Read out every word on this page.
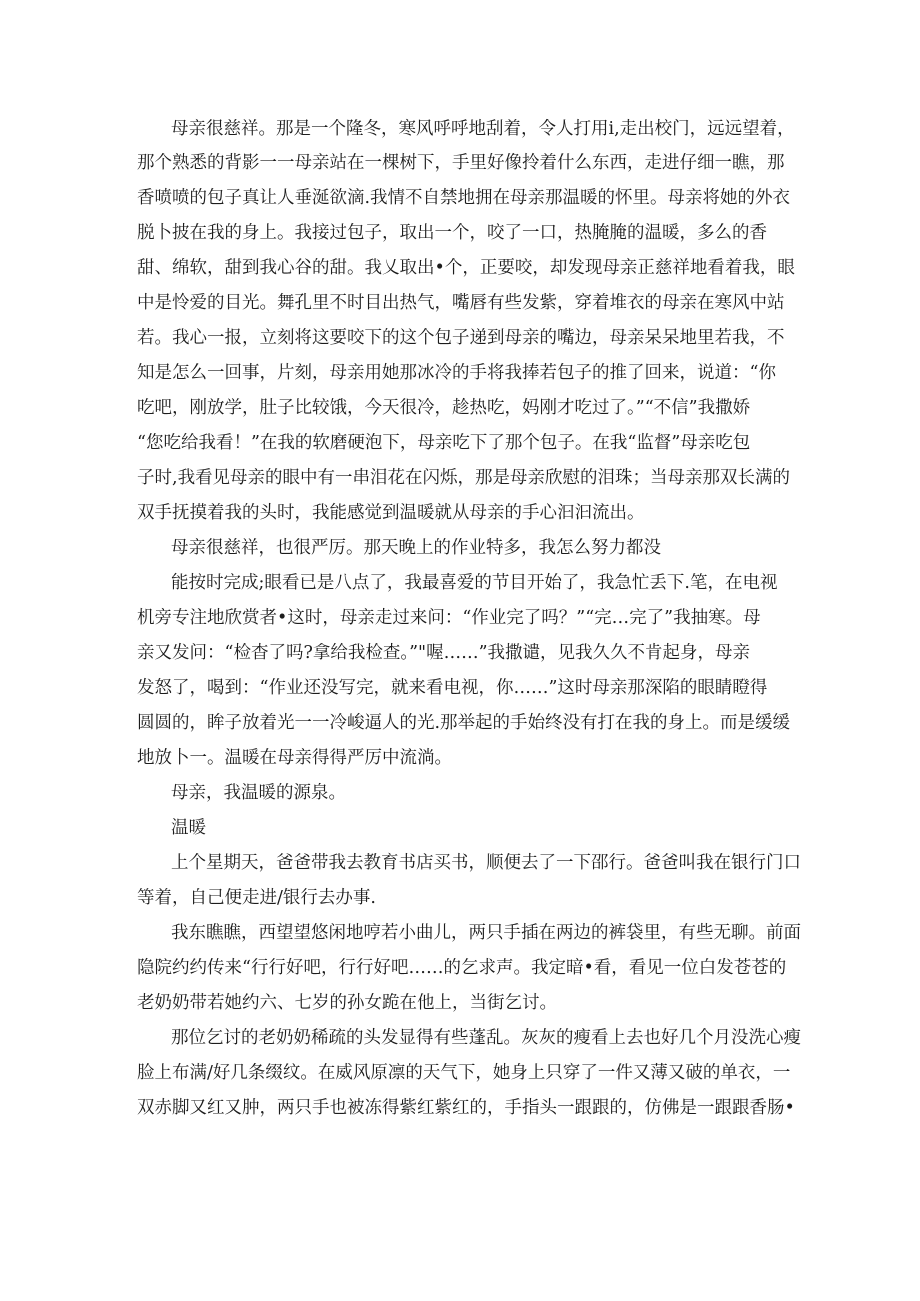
母亲很慈祥。那是一个隆冬，寒风呼呼地刮着，令人打用i,走出校门，远远望着，

那个熟悉的背影一一母亲站在一棵树下，手里好像拎着什么东西，走进仔细一瞧，那

香喷喷的包子真让人垂涎欲滴.我情不自禁地拥在母亲那温暖的怀里。母亲将她的外衣

脱卜披在我的身上。我接过包子，取出一个，咬了一口，热腌腌的温暖，多么的香

甜、绵软，甜到我心谷的甜。我乂取出•个，正要咬，却发现母亲正慈祥地看着我，眼

中是怜爱的目光。舞孔里不时目出热气，嘴唇有些发紫，穿着堆衣的母亲在寒风中站

若。我心一报，立刻将这要咬下的这个包子递到母亲的嘴边，母亲呆呆地里若我，不

知是怎么一回事，片刻，母亲用她那冰冷的手将我捧若包子的推了回来，说道：“你

吃吧，刚放学，肚子比较饿，今天很冷，趁热吃，妈刚才吃过了。”“不信”我撒娇

“您吃给我看！”在我的软磨硬泡下，母亲吃下了那个包子。在我“监督”母亲吃包

子时,我看见母亲的眼中有一串泪花在闪烁，那是母亲欣慰的泪珠；当母亲那双长满的

双手抚摸着我的头时，我能感觉到温暖就从母亲的手心汩汩流出。

母亲很慈祥，也很严厉。那天晚上的作业特多，我怎么努力都没

能按时完成;眼看已是八点了，我最喜爱的节目开始了，我急忙丢下.笔，在电视

机旁专注地欣赏者•这时，母亲走过来问：“作业完了吗？”“完…完了”我抽寒。母

亲又发问：“检杳了吗?拿给我检查。”"喔……”我撒谴，见我久久不肯起身，母亲

发怒了，喝到：“作业还没写完，就来看电视，你……”这时母亲那深陷的眼睛瞪得

圆圆的，眸子放着光一一冷峻逼人的光.那举起的手始终没有打在我的身上。而是缓缓

地放卜一。温暖在母亲得得严厉中流淌。

母亲，我温暖的源泉。

温暖

上个星期天，爸爸带我去教育书店买书，顺便去了一下邵行。爸爸叫我在银行门口

等着，自己便走进/银行去办事.

我东瞧瞧，西望望悠闲地哼若小曲儿，两只手插在两边的裤袋里，有些无聊。前面

隐院约约传来“行行好吧，行行好吧……的乞求声。我定暗•看，看见一位白发苍苍的

老奶奶带若她约六、七岁的孙女跪在他上，当街乞讨。

那位乞讨的老奶奶稀疏的头发显得有些蓬乱。灰灰的瘦看上去也好几个月没洗心瘦

脸上布满/好几条缀纹。在威风原凛的天气下，她身上只穿了一件又薄又破的单衣，一

双赤脚又红又肿，两只手也被冻得紫红紫红的，手指头一跟跟的，仿佛是一跟跟香肠•
